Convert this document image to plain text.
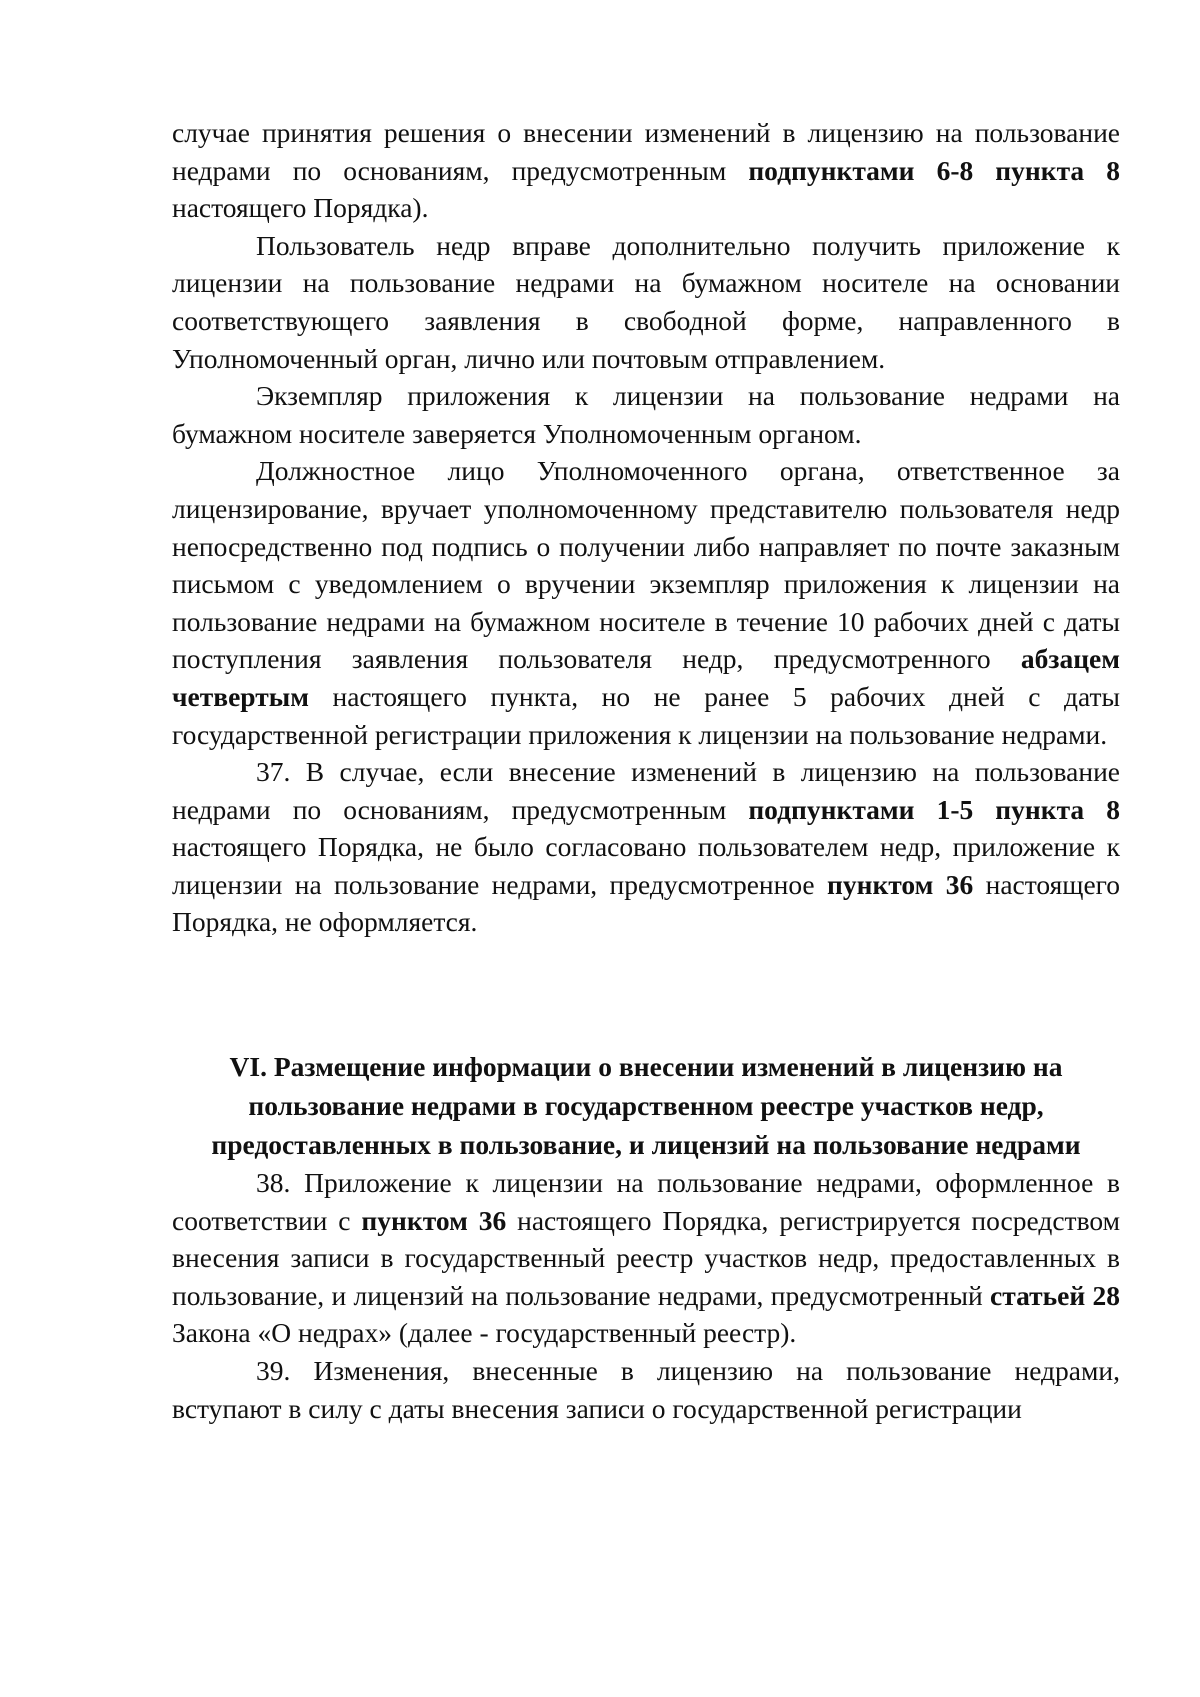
случае принятия решения о внесении изменений в лицензию на пользование недрами по основаниям, предусмотренным подпунктами 6-8 пункта 8 настоящего Порядка).

Пользователь недр вправе дополнительно получить приложение к лицензии на пользование недрами на бумажном носителе на основании соответствующего заявления в свободной форме, направленного в Уполномоченный орган, лично или почтовым отправлением.

Экземпляр приложения к лицензии на пользование недрами на бумажном носителе заверяется Уполномоченным органом.

Должностное лицо Уполномоченного органа, ответственное за лицензирование, вручает уполномоченному представителю пользователя недр непосредственно под подпись о получении либо направляет по почте заказным письмом с уведомлением о вручении экземпляр приложения к лицензии на пользование недрами на бумажном носителе в течение 10 рабочих дней с даты поступления заявления пользователя недр, предусмотренного абзацем четвертым настоящего пункта, но не ранее 5 рабочих дней с даты государственной регистрации приложения к лицензии на пользование недрами.

37. В случае, если внесение изменений в лицензию на пользование недрами по основаниям, предусмотренным подпунктами 1-5 пункта 8 настоящего Порядка, не было согласовано пользователем недр, приложение к лицензии на пользование недрами, предусмотренное пунктом 36 настоящего Порядка, не оформляется.

VI. Размещение информации о внесении изменений в лицензию на
пользование недрами в государственном реестре участков недр,
предоставленных в пользование, и лицензий на пользование недрами

38. Приложение к лицензии на пользование недрами, оформленное в соответствии с пунктом 36 настоящего Порядка, регистрируется посредством внесения записи в государственный реестр участков недр, предоставленных в пользование, и лицензий на пользование недрами, предусмотренный статьей 28 Закона «О недрах» (далее - государственный реестр).

39. Изменения, внесенные в лицензию на пользование недрами, вступают в силу с даты внесения записи о государственной регистрации
